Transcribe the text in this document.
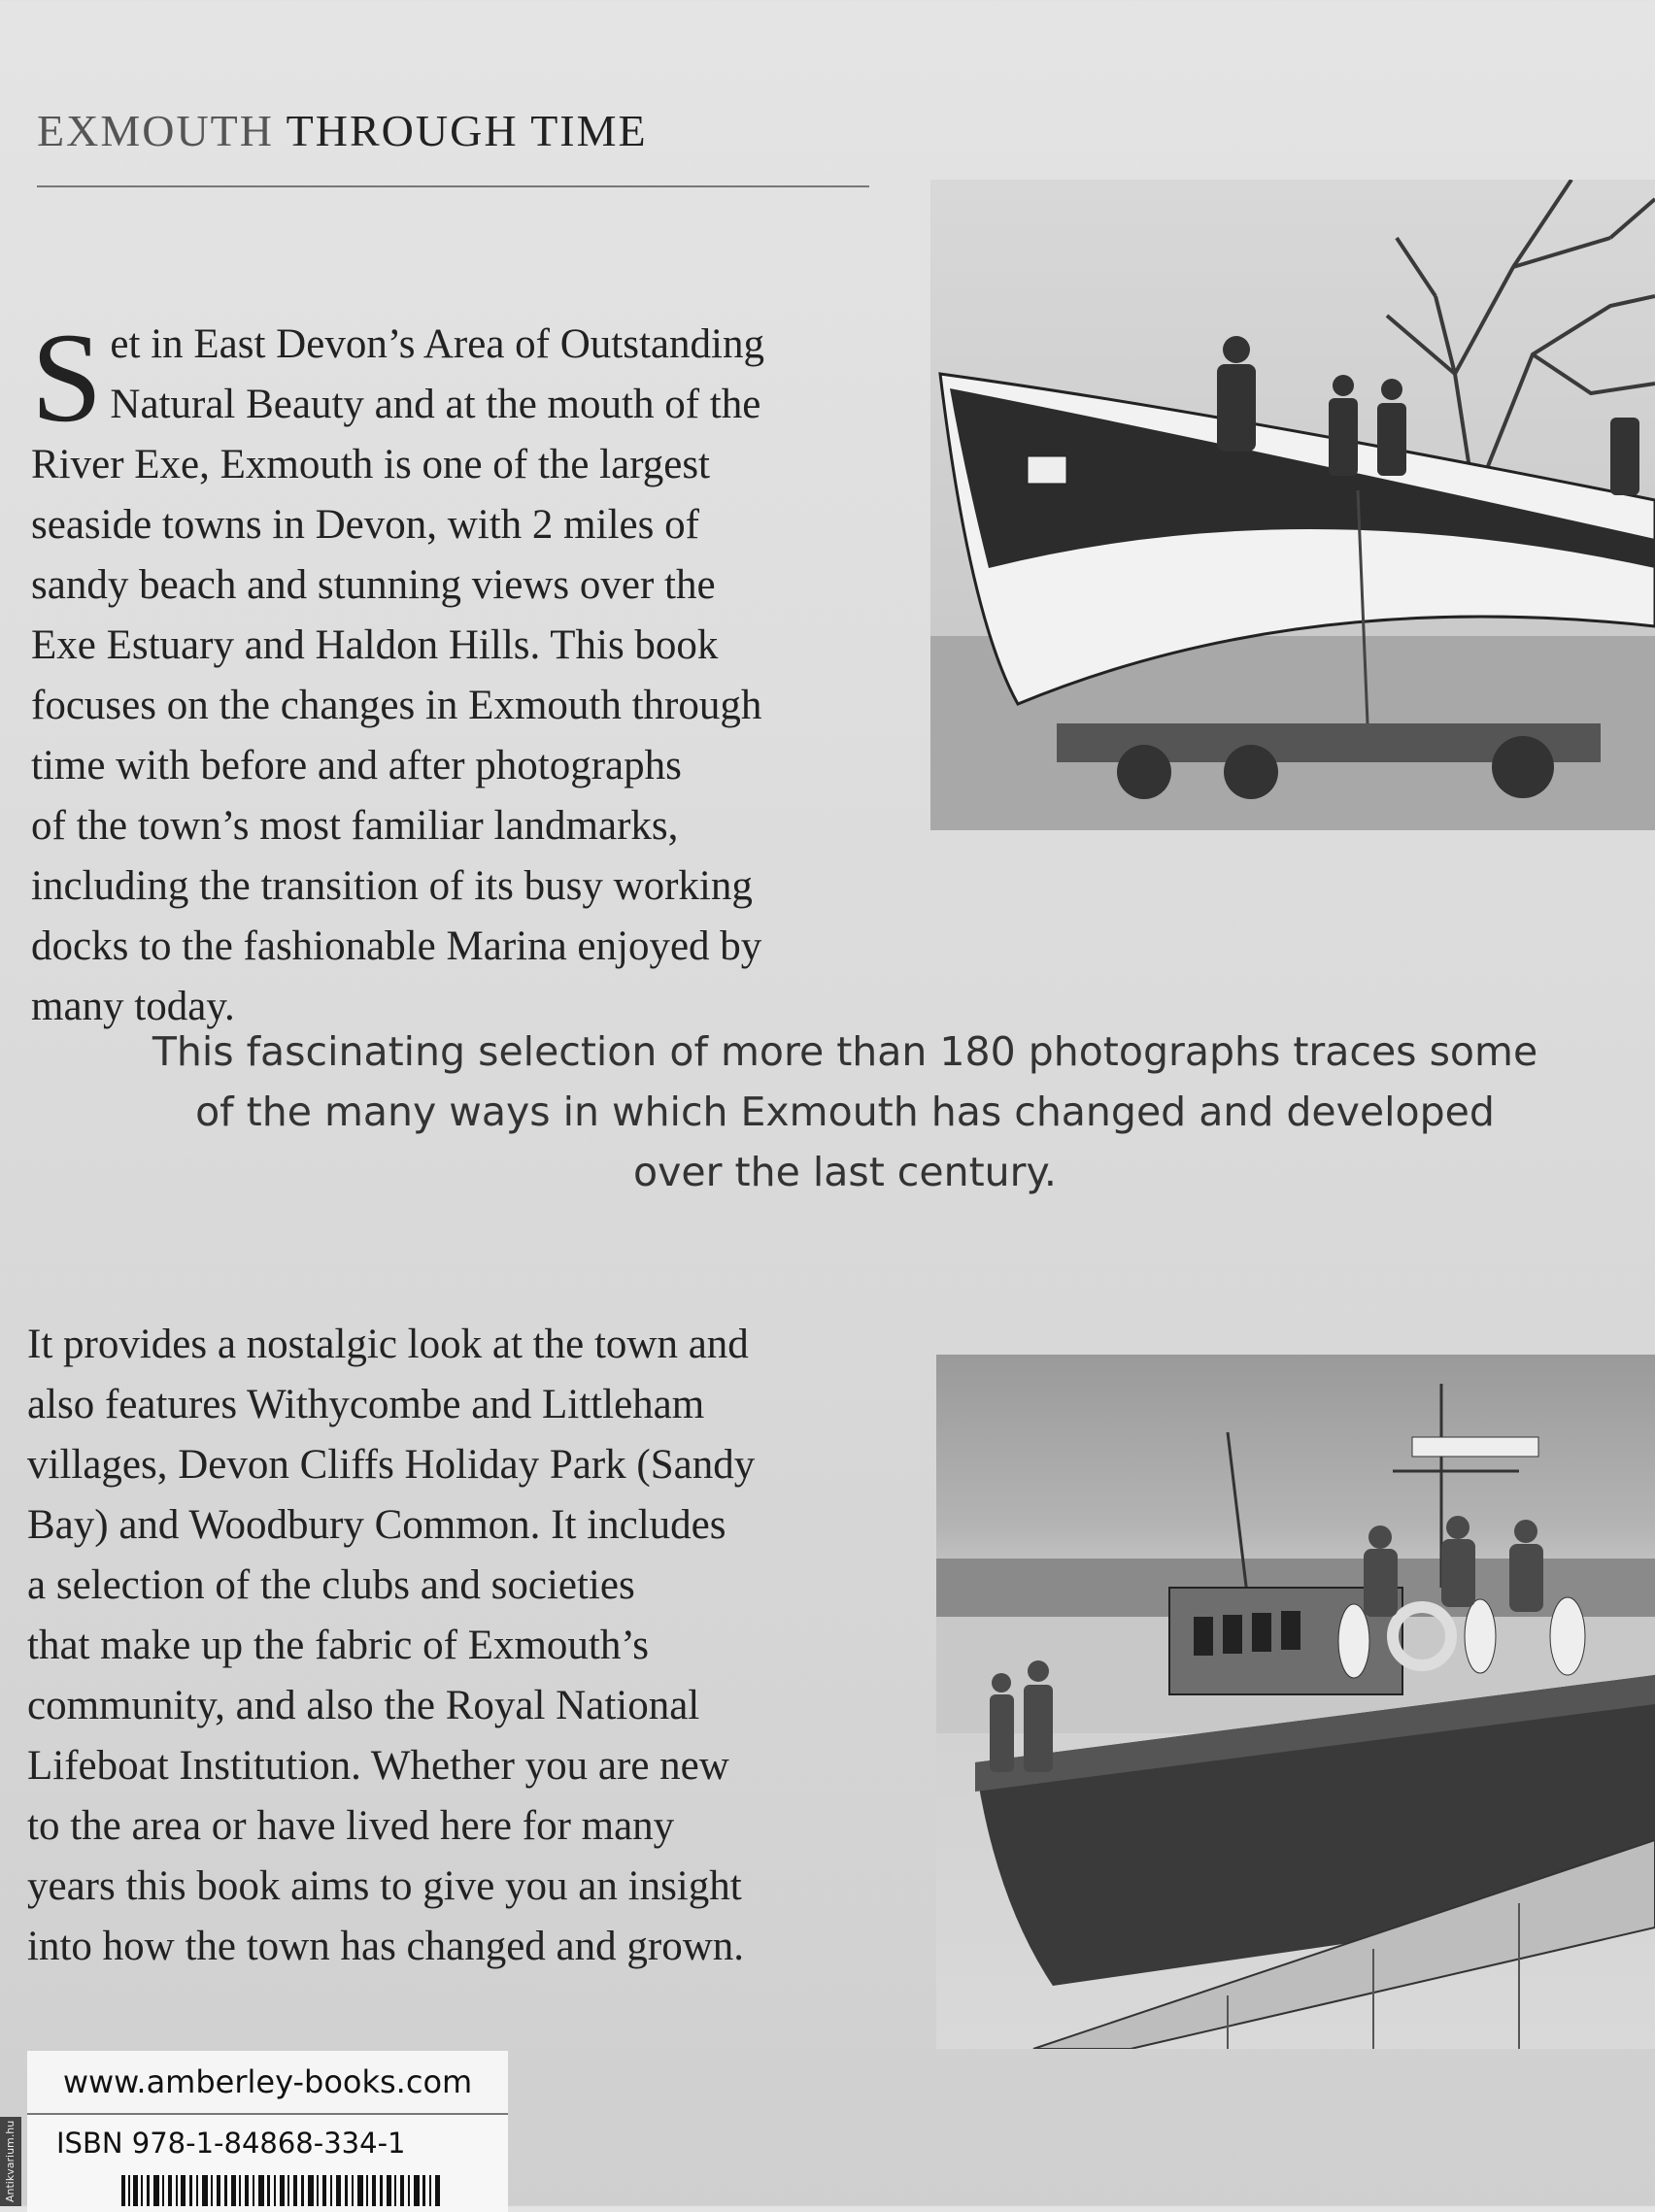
EXMOUTH THROUGH TIME

Set in East Devon’s Area of Outstanding
Natural Beauty and at the mouth of the
River Exe, Exmouth is one of the largest
seaside towns in Devon, with 2 miles of
sandy beach and stunning views over the
Exe Estuary and Haldon Hills. This book
focuses on the changes in Exmouth through
time with before and after photographs
of the town’s most familiar landmarks,
including the transition of its busy working
docks to the fashionable Marina enjoyed by
many today.

This fascinating selection of more than 180 photographs traces some
of the many ways in which Exmouth has changed and developed
over the last century.

It provides a nostalgic look at the town and
also features Withycombe and Littleham
villages, Devon Cliffs Holiday Park (Sandy
Bay) and Woodbury Common. It includes
a selection of the clubs and societies
that make up the fabric of Exmouth’s
community, and also the Royal National
Lifeboat Institution. Whether you are new
to the area or have lived here for many
years this book aims to give you an insight
into how the town has changed and grown.
www.amberley-books.com
ISBN 978-1-84868-334-1
Antikvarium.hu
